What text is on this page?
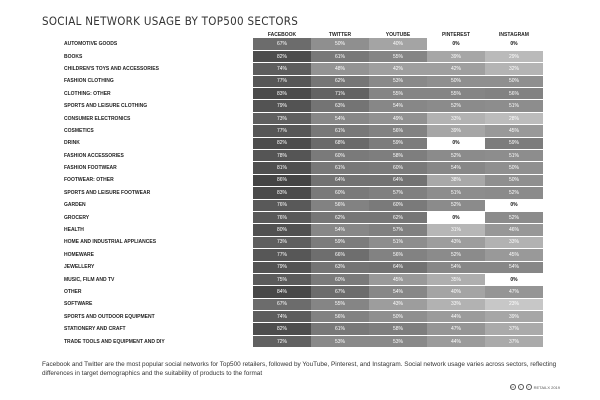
SOCIAL NETWORK USAGE BY TOP500 SECTORS
	FACEBOOK	TWITTER	YOUTUBE	PINTEREST	INSTAGRAM
AUTOMOTIVE GOODS	67%	50%	40%	0%	0%
BOOKS	82%	61%	55%	39%	29%
CHILDREN'S TOYS AND ACCESSORIES	74%	48%	42%	42%	32%
FASHION CLOTHING	77%	62%	53%	50%	50%
CLOTHING: OTHER	83%	71%	55%	55%	56%
SPORTS AND LEISURE CLOTHING	79%	63%	54%	52%	51%
CONSUMER ELECTRONICS	73%	54%	49%	33%	28%
COSMETICS	77%	61%	56%	39%	45%
DRINK	82%	68%	59%	0%	59%
FASHION ACCESSORIES	78%	60%	58%	52%	51%
FASHION FOOTWEAR	81%	61%	60%	54%	50%
FOOTWEAR: OTHER	86%	64%	64%	38%	50%
SPORTS AND LEISURE FOOTWEAR	83%	60%	57%	51%	52%
GARDEN	76%	56%	60%	52%	0%
GROCERY	76%	62%	62%	0%	52%
HEALTH	80%	54%	57%	31%	46%
HOME AND INDUSTRIAL APPLIANCES	73%	59%	51%	43%	33%
HOMEWARE	77%	66%	56%	52%	45%
JEWELLERY	79%	63%	64%	54%	54%
MUSIC, FILM AND TV	75%	60%	45%	35%	0%
OTHER	84%	67%	54%	40%	47%
SOFTWARE	67%	55%	43%	33%	23%
SPORTS AND OUTDOOR EQUIPMENT	74%	56%	50%	44%	39%
STATIONERY AND CRAFT	82%	61%	58%	47%	37%
TRADE TOOLS AND EQUIPMENT AND DIY	72%	53%	53%	44%	37%
Facebook and Twitter are the most popular social networks for Top500 retailers, followed by YouTube, Pinterest, and Instagram. Social network usage varies across sectors, reflecting differences in target demographics and the suitability of products to the format
cc	i	=	RETAILX 2019
